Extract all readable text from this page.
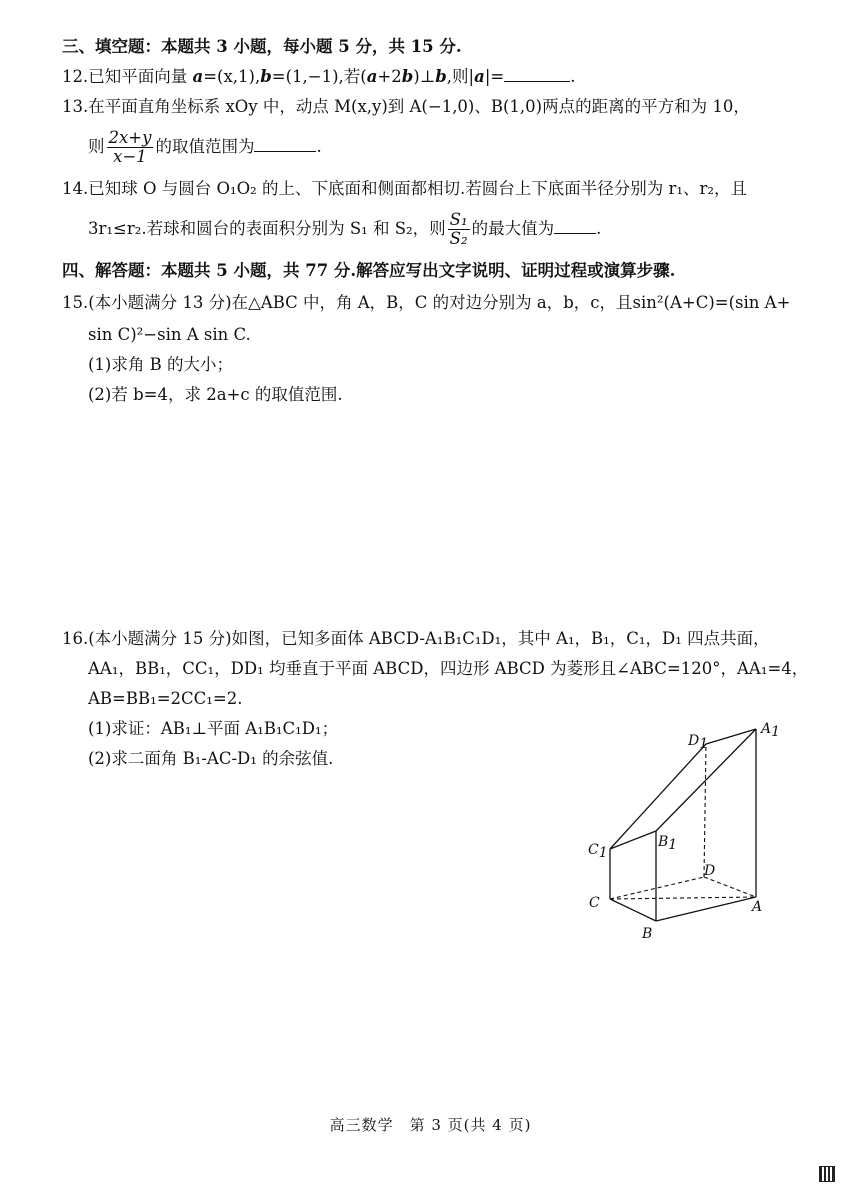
三、填空题：本题共 3 小题，每小题 5 分，共 15 分.
12.已知平面向量 a=(x,1),b=(1,−1),若(a+2b)⊥b,则|a|=	.
13.在平面直角坐标系 xOy 中，动点 M(x,y)到 A(−1,0)、B(1,0)两点的距离的平方和为 10，
则 $\frac{2x+y}{x-1}$ 的取值范围为	.
14.已知球 O 与圆台 O₁O₂ 的上、下底面和侧面都相切.若圆台上下底面半径分别为 r₁、r₂，且
3r₁≤r₂.若球和圆台的表面积分别为 S₁ 和 S₂，则 $\frac{\text{S₁}}{\text{S₂}}$ 的最大值为	.
四、解答题：本题共 5 小题，共 77 分.解答应写出文字说明、证明过程或演算步骤.
15.(本小题满分 13 分)在△ABC 中，角 A，B，C 的对边分别为 a，b，c，且sin²(A+C)=(sin A+
sin C)²−sin A sin C.
(1)求角 B 的大小；
(2)若 b=4，求 2a+c 的取值范围.
16.(本小题满分 15 分)如图，已知多面体 ABCD-A₁B₁C₁D₁，其中 A₁，B₁，C₁，D₁ 四点共面，
AA₁，BB₁，CC₁，DD₁ 均垂直于平面 ABCD，四边形 ABCD 为菱形且∠ABC=120°，AA₁=4，
AB=BB₁=2CC₁=2.
(1)求证：AB₁⊥平面 A₁B₁C₁D₁；
(2)求二面角 B₁-AC-D₁ 的余弦值.
D1
A1
C1
B1
D
C	A
B
高三数学　第 3 页(共 4 页)
